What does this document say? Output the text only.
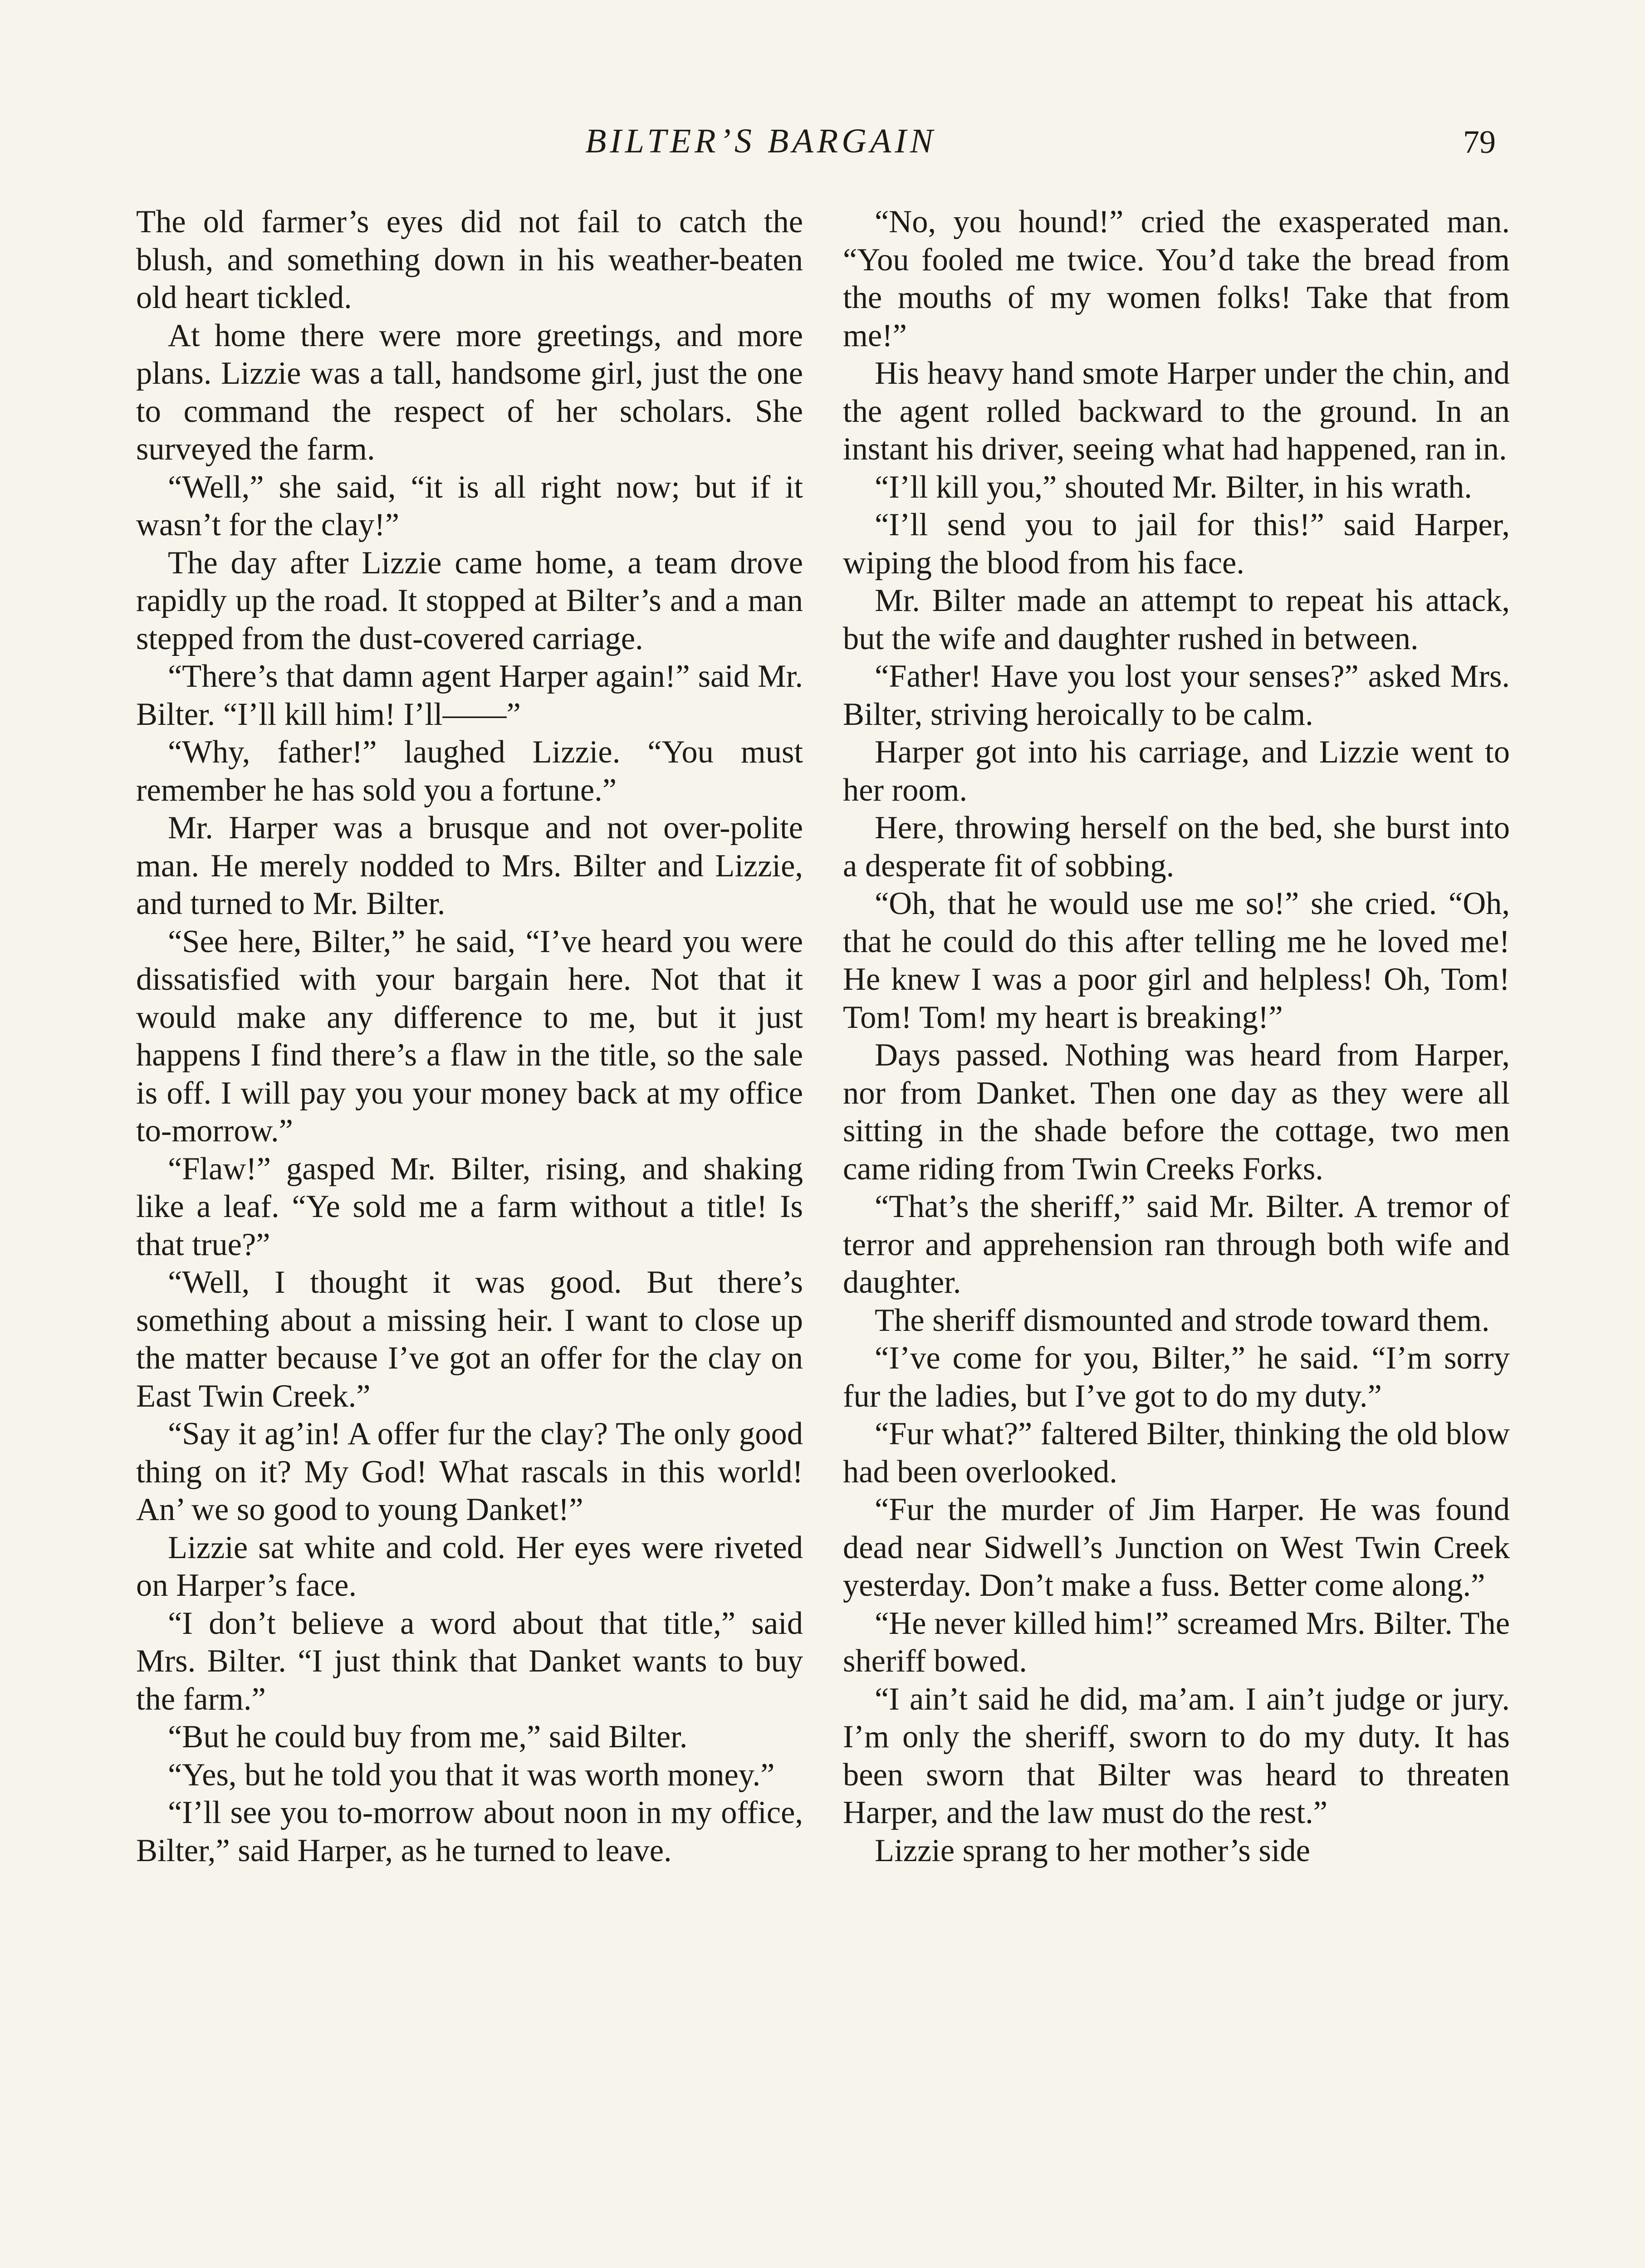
BILTER’S BARGAIN	79

The old farmer’s eyes did not fail to catch the blush, and something down in his weather-beaten old heart tickled.

At home there were more greetings, and more plans. Lizzie was a tall, handsome girl, just the one to command the respect of her scholars. She surveyed the farm.

“Well,” she said, “it is all right now; but if it wasn’t for the clay!”

The day after Lizzie came home, a team drove rapidly up the road. It stopped at Bilter’s and a man stepped from the dust-covered carriage.

“There’s that damn agent Harper again!” said Mr. Bilter. “I’ll kill him! I’ll——”

“Why, father!” laughed Lizzie. “You must remember he has sold you a fortune.”

Mr. Harper was a brusque and not over-polite man. He merely nodded to Mrs. Bilter and Lizzie, and turned to Mr. Bilter.

“See here, Bilter,” he said, “I’ve heard you were dissatisfied with your bargain here. Not that it would make any difference to me, but it just happens I find there’s a flaw in the title, so the sale is off. I will pay you your money back at my office to-morrow.”

“Flaw!” gasped Mr. Bilter, rising, and shaking like a leaf. “Ye sold me a farm without a title! Is that true?”

“Well, I thought it was good. But there’s something about a missing heir. I want to close up the matter because I’ve got an offer for the clay on East Twin Creek.”

“Say it ag’in! A offer fur the clay? The only good thing on it? My God! What rascals in this world! An’ we so good to young Danket!”

Lizzie sat white and cold. Her eyes were riveted on Harper’s face.

“I don’t believe a word about that title,” said Mrs. Bilter. “I just think that Danket wants to buy the farm.”

“But he could buy from me,” said Bilter.

“Yes, but he told you that it was worth money.”

“I’ll see you to-morrow about noon in my office, Bilter,” said Harper, as he turned to leave.

“No, you hound!” cried the exasperated man. “You fooled me twice. You’d take the bread from the mouths of my women folks! Take that from me!”

His heavy hand smote Harper under the chin, and the agent rolled backward to the ground. In an instant his driver, seeing what had happened, ran in.

“I’ll kill you,” shouted Mr. Bilter, in his wrath.

“I’ll send you to jail for this!” said Harper, wiping the blood from his face.

Mr. Bilter made an attempt to repeat his attack, but the wife and daughter rushed in between.

“Father! Have you lost your senses?” asked Mrs. Bilter, striving heroically to be calm.

Harper got into his carriage, and Lizzie went to her room.

Here, throwing herself on the bed, she burst into a desperate fit of sobbing.

“Oh, that he would use me so!” she cried. “Oh, that he could do this after telling me he loved me! He knew I was a poor girl and helpless! Oh, Tom! Tom! Tom! my heart is breaking!”

Days passed. Nothing was heard from Harper, nor from Danket. Then one day as they were all sitting in the shade before the cottage, two men came riding from Twin Creeks Forks.

“That’s the sheriff,” said Mr. Bilter. A tremor of terror and apprehension ran through both wife and daughter.

The sheriff dismounted and strode toward them.

“I’ve come for you, Bilter,” he said. “I’m sorry fur the ladies, but I’ve got to do my duty.”

“Fur what?” faltered Bilter, thinking the old blow had been overlooked.

“Fur the murder of Jim Harper. He was found dead near Sidwell’s Junction on West Twin Creek yesterday. Don’t make a fuss. Better come along.”

“He never killed him!” screamed Mrs. Bilter. The sheriff bowed.

“I ain’t said he did, ma’am. I ain’t judge or jury. I’m only the sheriff, sworn to do my duty. It has been sworn that Bilter was heard to threaten Harper, and the law must do the rest.”

Lizzie sprang to her mother’s side
